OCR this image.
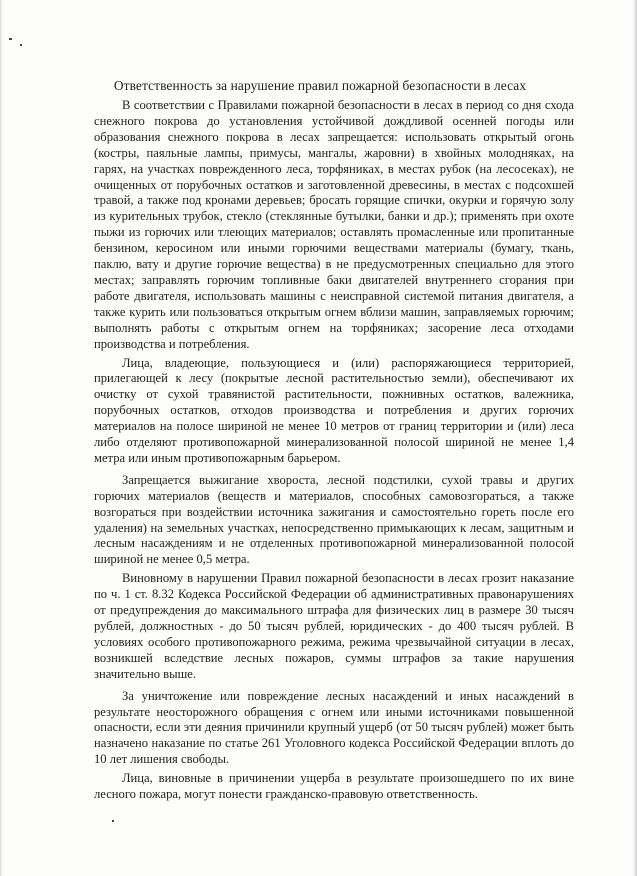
Ответственность за нарушение правил пожарной безопасности в лесах

В соответствии с Правилами пожарной безопасности в лесах в период со дня схода снежного покрова до установления устойчивой дождливой осенней погоды или образования снежного покрова в лесах запрещается: использовать открытый огонь (костры, паяльные лампы, примусы, мангалы, жаровни) в хвойных молодняках, на гарях, на участках поврежденного леса, торфяниках, в местах рубок (на лесосеках), не очищенных от порубочных остатков и заготовленной древесины, в местах с подсохшей травой, а также под кронами деревьев; бросать горящие спички, окурки и горячую золу из курительных трубок, стекло (стеклянные бутылки, банки и др.); применять при охоте пыжи из горючих или тлеющих материалов; оставлять промасленные или пропитанные бензином, керосином или иными горючими веществами материалы (бумагу, ткань, паклю, вату и другие горючие вещества) в не предусмотренных специально для этого местах; заправлять горючим топливные баки двигателей внутреннего сгорания при работе двигателя, использовать машины с неисправной системой питания двигателя, а также курить или пользоваться открытым огнем вблизи машин, заправляемых горючим; выполнять работы с открытым огнем на торфяниках; засорение леса отходами производства и потребления.

Лица, владеющие, пользующиеся и (или) распоряжающиеся территорией, прилегающей к лесу (покрытые лесной растительностью земли), обеспечивают их очистку от сухой травянистой растительности, пожнивных остатков, валежника, порубочных остатков, отходов производства и потребления и других горючих материалов на полосе шириной не менее 10 метров от границ территории и (или) леса либо отделяют противопожарной минерализованной полосой шириной не менее 1,4 метра или иным противопожарным барьером.

Запрещается выжигание хвороста, лесной подстилки, сухой травы и других горючих материалов (веществ и материалов, способных самовозгораться, а также возгораться при воздействии источника зажигания и самостоятельно гореть после его удаления) на земельных участках, непосредственно примыкающих к лесам, защитным и лесным насаждениям и не отделенных противопожарной минерализованной полосой шириной не менее 0,5 метра.

Виновному в нарушении Правил пожарной безопасности в лесах грозит наказание по ч. 1 ст. 8.32 Кодекса Российской Федерации об административных правонарушениях от предупреждения до максимального штрафа для физических лиц в размере 30 тысяч рублей, должностных - до 50 тысяч рублей, юридических - до 400 тысяч рублей. В условиях особого противопожарного режима, режима чрезвычайной ситуации в лесах, возникшей вследствие лесных пожаров, суммы штрафов за такие нарушения значительно выше.

За уничтожение или повреждение лесных насаждений и иных насаждений в результате неосторожного обращения с огнем или иными источниками повышенной опасности, если эти деяния причинили крупный ущерб (от 50 тысяч рублей) может быть назначено наказание по статье 261 Уголовного кодекса Российской Федерации вплоть до 10 лет лишения свободы.

Лица, виновные в причинении ущерба в результате произошедшего по их вине лесного пожара, могут понести гражданско-правовую ответственность.
